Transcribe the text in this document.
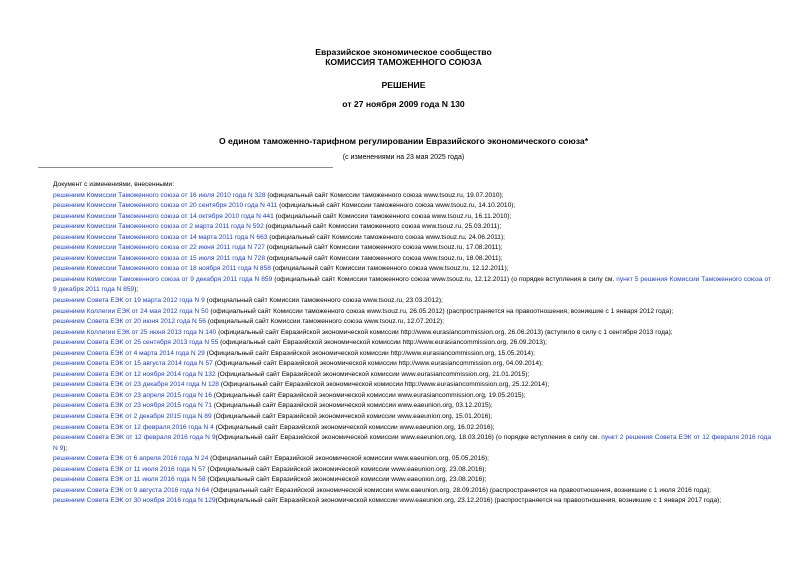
Евразийское экономическое сообщество
КОМИССИЯ ТАМОЖЕННОГО СОЮЗА
РЕШЕНИЕ
от 27 ноября 2009 года N 130
О едином таможенно-тарифном регулировании Евразийского экономического союза*
(с изменениями на 23 мая 2025 года)
Документ с изменениями, внесенными:
решением Комиссии Таможенного союза от 16 июля 2010 года N 328 (официальный сайт Комиссии таможенного союза www.tsouz.ru, 19.07.2010);
решением Комиссии Таможенного союза от 20 сентября 2010 года N 411 (официальный сайт Комиссии таможенного союза www.tsouz.ru, 14.10.2010);
решением Комиссии Таможенного союза от 14 октября 2010 года N 441 (официальный сайт Комиссии таможенного союза www.tsouz.ru, 16.11.2010);
решением Комиссии Таможенного союза от 2 марта 2011 года N 592 (официальный сайт Комиссии таможенного союза www.tsouz.ru, 25.03.2011);
решением Комиссии Таможенного союза от 14 марта 2011 года N 663 (официальный сайт Комиссии таможенного союза www.tsouz.ru, 24.06.2011);
решением Комиссии Таможенного союза от 22 июня 2011 года N 727 (официальный сайт Комиссии таможенного союза www.tsouz.ru, 17.08.2011);
решением Комиссии Таможенного союза от 15 июля 2011 года N 728 (официальный сайт Комиссии таможенного союза www.tsouz.ru, 18.08.2011);
решением Комиссии Таможенного союза от 18 ноября 2011 года N 858 (официальный сайт Комиссии таможенного союза www.tsouz.ru, 12.12.2011);
решением Комиссии Таможенного союза от 9 декабря 2011 года N 859 (официальный сайт Комиссии таможенного союза www.tsouz.ru, 12.12.2011) (о порядке вступления в силу см. пункт 5 решения Комиссии Таможенного союза от 9 декабря 2011 года N 859);
решением Совета ЕЭК от 19 марта 2012 года N 9 (официальный сайт Комиссии таможенного союза www.tsouz.ru, 23.03.2012);
решением Коллегии ЕЭК от 24 мая 2012 года N 50 (официальный сайт Комиссии таможенного союза www.tsouz.ru, 26.05.2012) (распространяется на правоотношения, возникшие с 1 января 2012 года);
решением Совета ЕЭК от 20 июня 2012 года N 56 (официальный сайт Комиссии таможенного союза www.tsouz.ru, 12.07.2012);
решением Коллегии ЕЭК от 25 июня 2013 года N 140 (официальный сайт Евразийской экономической комиссии http://www.eurasiancommission.org, 26.06.2013) (вступило в силу с 1 сентября 2013 года);
решением Совета ЕЭК от 25 сентября 2013 года N 55 (официальный сайт Евразийской экономической комиссии http://www.eurasiancommission.org, 26.09.2013);
решением Совета ЕЭК от 4 марта 2014 года N 29 (Официальный сайт Евразийской экономической комиссии http://www.eurasiancommission.org, 15.05.2014);
решением Совета ЕЭК от 15 августа 2014 года N 57 (Официальный сайт Евразийской экономической комиссии http://www.eurasiancommission.org, 04.09.2014);
решением Совета ЕЭК от 12 ноября 2014 года N 132 (Официальный сайт Евразийской экономической комиссии www.eurasiancommission.org, 21.01.2015);
решением Совета ЕЭК от 23 декабря 2014 года N 128 (Официальный сайт Евразийской экономической комиссии http://www.eurasiancommission.org, 25.12.2014);
решением Совета ЕЭК от 23 апреля 2015 года N 16 (Официальный сайт Евразийской экономической комиссии www.eurasiancommission.org, 19.05.2015);
решением Совета ЕЭК от 23 ноября 2015 года N 71 (Официальный сайт Евразийской экономической комиссии www.eaeunion.org, 03.12.2015);
решением Совета ЕЭК от 2 декабря 2015 года N 89 (Официальный сайт Евразийской экономической комиссии www.eaeunion.org, 15.01.2016);
решением Совета ЕЭК от 12 февраля 2016 года N 4 (Официальный сайт Евразийской экономической комиссии www.eaeunion.org, 16.02.2016);
решением Совета ЕЭК от 12 февраля 2016 года N 9(Официальный сайт Евразийской экономической комиссии www.eaeunion.org, 18.03.2016) (о порядке вступления в силу см. пункт 2 решения Совета ЕЭК от 12 февраля 2016 года N 9);
решением Совета ЕЭК от 6 апреля 2016 года N 24 (Официальный сайт Евразийской экономической комиссии www.eaeunion.org, 05.05.2016);
решением Совета ЕЭК от 11 июля 2016 года N 57 (Официальный сайт Евразийской экономической комиссии www.eaeunion.org, 23.08.2016);
решением Совета ЕЭК от 11 июля 2016 года N 58 (Официальный сайт Евразийской экономической комиссии www.eaeunion.org, 23.08.2016);
решением Совета ЕЭК от 9 августа 2016 года N 64 (Официальный сайт Евразийской экономической комиссии www.eaeunion.org, 28.09.2016) (распространяется на правоотношения, возникшие с 1 июля 2016 года);
решением Совета ЕЭК от 30 ноября 2016 года N 129(Официальный сайт Евразийской экономической комиссии www.eaeunion.org, 23.12.2016) (распространяется на правоотношения, возникшие с 1 января 2017 года);
